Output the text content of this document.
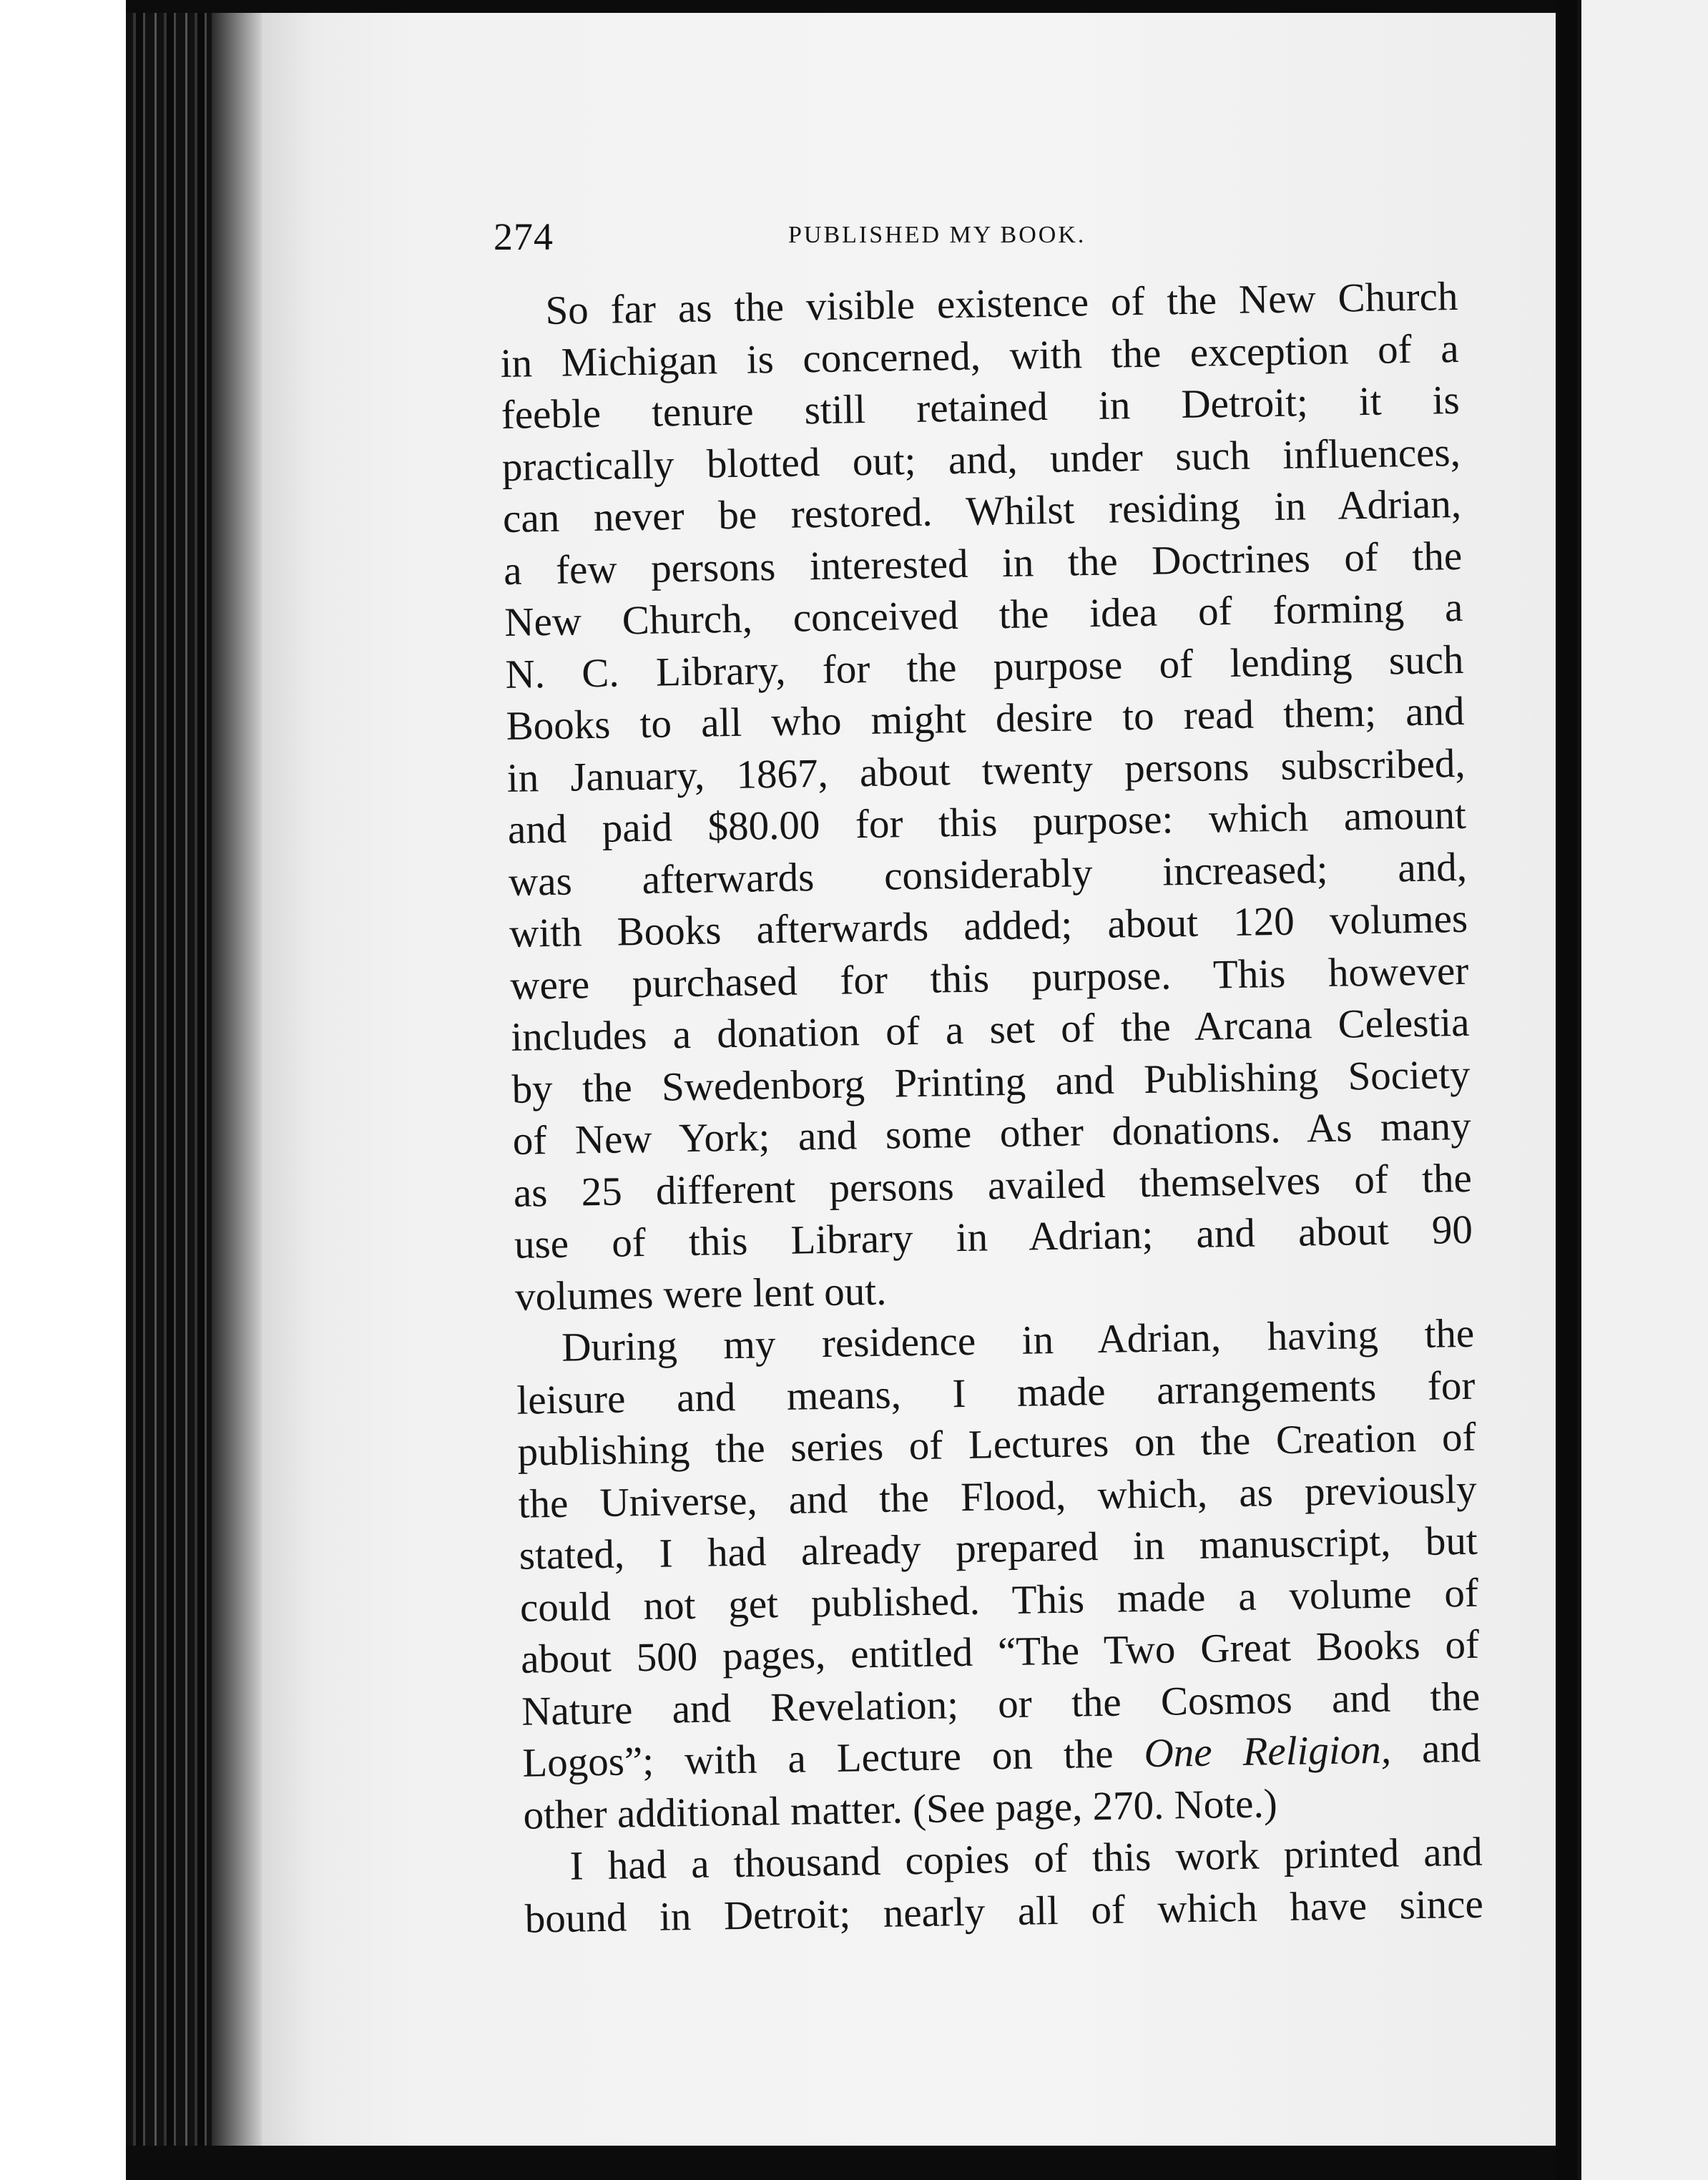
274	PUBLISHED MY BOOK.
So far as the visible existence of the New Church
in Michigan is concerned, with the exception of a
feeble tenure still retained in Detroit; it is
practically blotted out; and, under such influences,
can never be restored. Whilst residing in Adrian,
a few persons interested in the Doctrines of the
New Church, conceived the idea of forming a
N. C. Library, for the purpose of lending such
Books to all who might desire to read them; and
in January, 1867, about twenty persons subscribed,
and paid $80.00 for this purpose: which amount
was afterwards considerably increased; and,
with Books afterwards added; about 120 volumes
were purchased for this purpose. This however
includes a donation of a set of the Arcana Celestia
by the Swedenborg Printing and Publishing Society
of New York; and some other donations. As many
as 25 different persons availed themselves of the
use of this Library in Adrian; and about 90
volumes were lent out.
During my residence in Adrian, having the
leisure and means, I made arrangements for
publishing the series of Lectures on the Creation of
the Universe, and the Flood, which, as previously
stated, I had already prepared in manuscript, but
could not get published. This made a volume of
about 500 pages, entitled “The Two Great Books of
Nature and Revelation; or the Cosmos and the
Logos”; with a Lecture on the One Religion, and
other additional matter. (See page, 270. Note.)
I had a thousand copies of this work printed and
bound in Detroit; nearly all of which have since
